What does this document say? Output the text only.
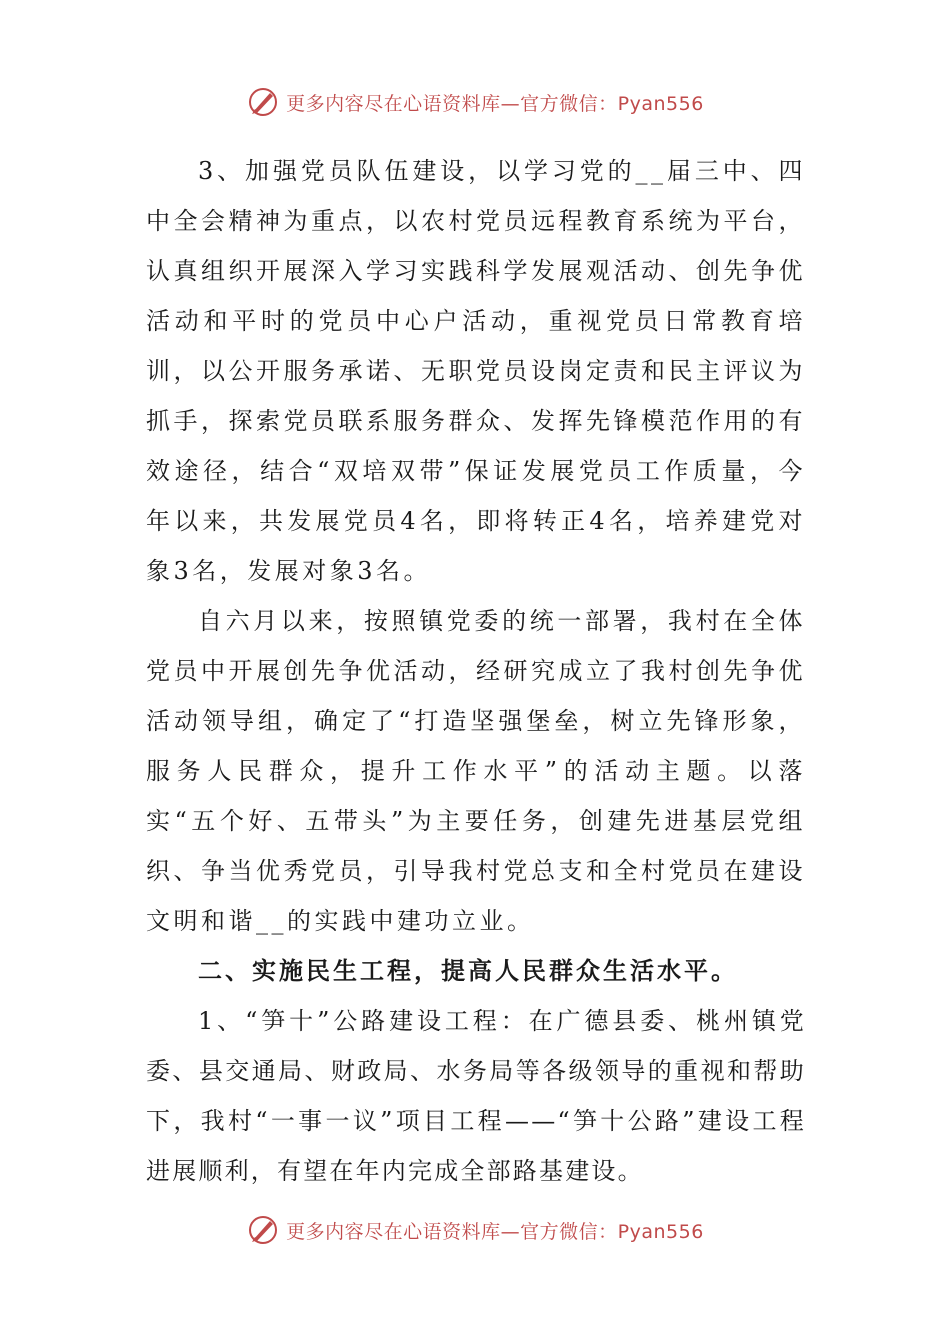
更多内容尽在心语资料库—官方微信：Pyan556

3、加强党员队伍建设，以学习党的__届三中、四中全会精神为重点，以农村党员远程教育系统为平台，认真组织开展深入学习实践科学发展观活动、创先争优活动和平时的党员中心户活动，重视党员日常教育培训，以公开服务承诺、无职党员设岗定责和民主评议为抓手，探索党员联系服务群众、发挥先锋模范作用的有效途径，结合“双培双带”保证发展党员工作质量，今年以来，共发展党员4名，即将转正4名，培养建党对象3名，发展对象3名。

自六月以来，按照镇党委的统一部署，我村在全体党员中开展创先争优活动，经研究成立了我村创先争优活动领导组，确定了“打造坚强堡垒，树立先锋形象，服务人民群众，提升工作水平”的活动主题。以落实“五个好、五带头”为主要任务，创建先进基层党组织、争当优秀党员，引导我村党总支和全村党员在建设文明和谐__的实践中建功立业。

二、实施民生工程，提高人民群众生活水平。

1、“笋十”公路建设工程：在广德县委、桃州镇党委、县交通局、财政局、水务局等各级领导的重视和帮助下，我村“一事一议”项目工程——“笋十公路”建设工程进展顺利，有望在年内完成全部路基建设。

更多内容尽在心语资料库—官方微信：Pyan556
